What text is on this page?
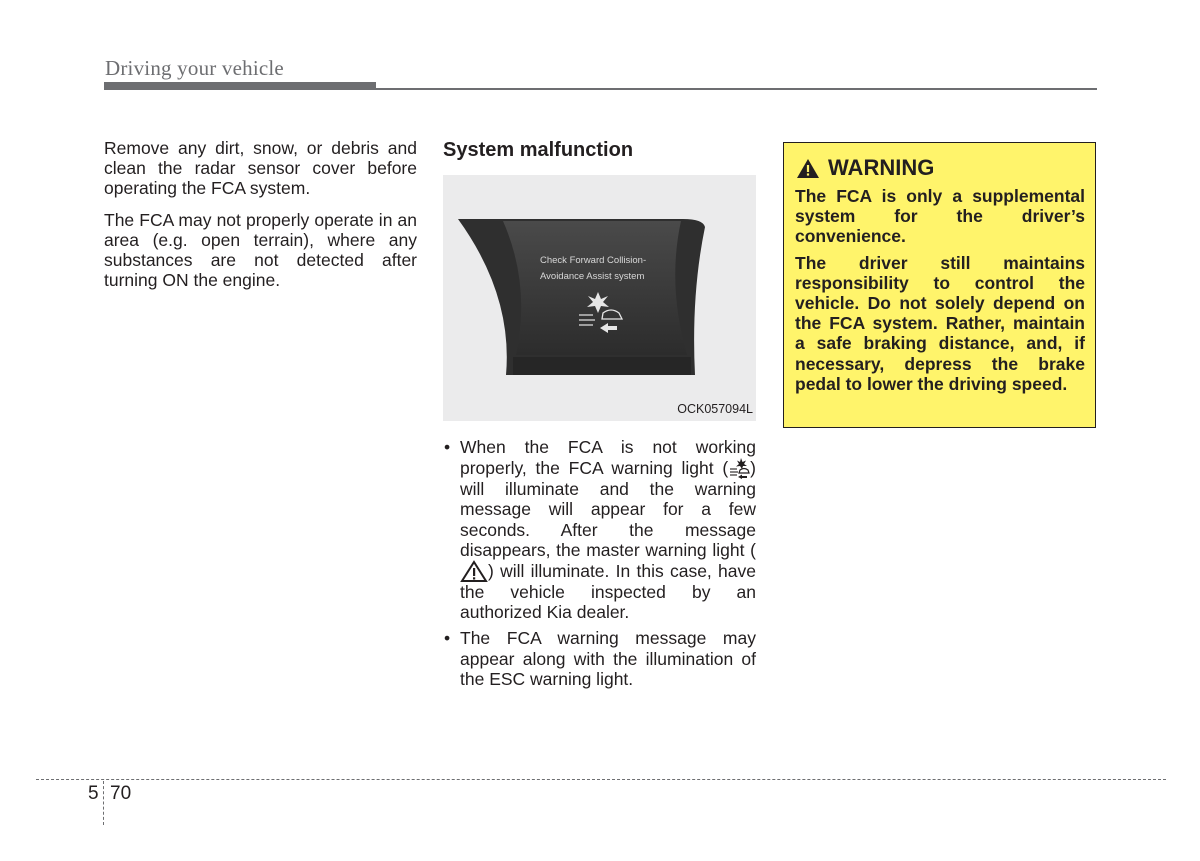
Driving your vehicle

Remove any dirt, snow, or debris and clean the radar sensor cover before operating the FCA system.

The FCA may not properly operate in an area (e.g. open terrain), where any substances are not detected after turning ON the engine.

System malfunction
Check Forward Collision-
Avoidance Assist system
OCK057094L
• When the FCA is not working properly, the FCA warning light ( ) will illuminate and the warning message will appear for a few seconds. After the message disappears, the master warning light () will illuminate. In this case, have the vehicle inspected by an authorized Kia dealer.
• The FCA warning message may appear along with the illumination of the ESC warning light.
WARNING

The FCA is only a supplemental system for the driver’s convenience.

The driver still maintains responsibility to control the vehicle. Do not solely depend on the FCA system. Rather, maintain a safe braking distance, and, if necessary, depress the brake pedal to lower the driving speed.

5 70
